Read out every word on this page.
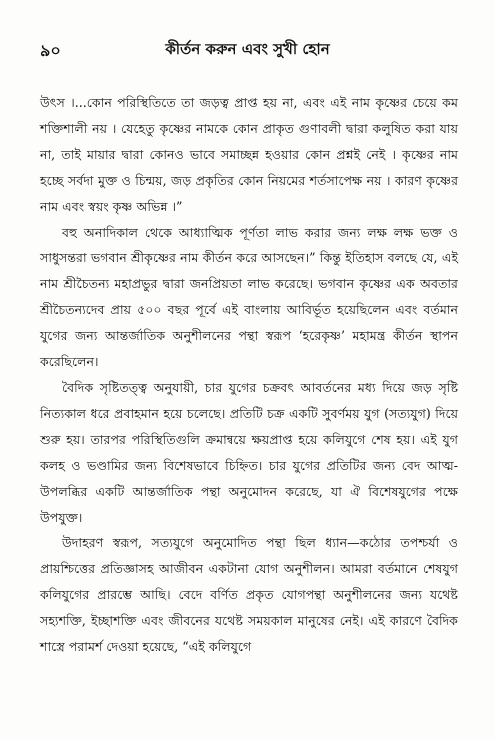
৯০	কীর্তন করুন এবং সুখী হোন

উৎস ।...কোন পরিস্থিতিতে তা জড়ত্ব প্রাপ্ত হয় না, এবং এই নাম কৃষ্ণের চেয়ে কম শক্তিশালী নয় । যেহেতু কৃষ্ণের নামকে কোন প্রাকৃত গুণাবলী দ্বারা কলুষিত করা যায় না, তাই মায়ার দ্বারা কোনও ভাবে সমাচ্ছন্ন হওয়ার কোন প্রশ্নই নেই । কৃষ্ণের নাম হচ্ছে সর্বদা মুক্ত ও চিন্ময়, জড় প্রকৃতির কোন নিয়মের শর্তসাপেক্ষ নয় । কারণ কৃষ্ণের নাম এবং স্বয়ং কৃষ্ণ অভিন্ন ।”

বহু অনাদিকাল থেকে আধ্যাত্মিক পূর্ণতা লাভ করার জন্য লক্ষ লক্ষ ভক্ত ও সাধুসন্তরা ভগবান শ্রীকৃষ্ণের নাম কীর্তন করে আসছেন।” কিন্তু ইতিহাস বলছে যে, এই নাম শ্রীচৈতন্য মহাপ্রভুর দ্বারা জনপ্রিয়তা লাভ করেছে। ভগবান কৃষ্ণের এক অবতার শ্রীচৈতন্যদেব প্রায় ৫০০ বছর পূর্বে এই বাংলায় আবির্ভূত হয়েছিলেন এবং বর্তমান যুগের জন্য আন্তর্জাতিক অনুশীলনের পন্থা স্বরূপ ‘হরেকৃষ্ণ’ মহামন্ত্র কীর্তন স্থাপন করেছিলেন।

বৈদিক সৃষ্টিতত্ত্ব অনুযায়ী, চার যুগের চক্রবৎ আবর্তনের মধ্য দিয়ে জড় সৃষ্টি নিত্যকাল ধরে প্রবাহমান হয়ে চলেছে। প্রতিটি চক্র একটি সুবর্ণময় যুগ (সত্যযুগ) দিয়ে শুরু হয়। তারপর পরিস্থিতিগুলি ক্রমান্বয়ে ক্ষয়প্রাপ্ত হয়ে কলিযুগে শেষ হয়। এই যুগ কলহ ও ভণ্ডামির জন্য বিশেষভাবে চিহ্নিত। চার যুগের প্রতিটির জন্য বেদ আত্ম-উপলব্ধির একটি আন্তর্জাতিক পন্থা অনুমোদন করেছে, যা ঐ বিশেষযুগের পক্ষে উপযুক্ত।

উদাহরণ স্বরূপ, সত্যযুগে অনুমোদিত পন্থা ছিল ধ্যান—কঠোর তপশ্চর্যা ও প্রায়শ্চিত্তের প্রতিজ্ঞাসহ আজীবন একটানা যোগ অনুশীলন। আমরা বর্তমানে শেষযুগ কলিযুগের প্রারম্ভে আছি। বেদে বর্ণিত প্রকৃত যোগপন্থা অনুশীলনের জন্য যথেষ্ট সহ্যশক্তি, ইচ্ছাশক্তি এবং জীবনের যথেষ্ট সময়কাল মানুষের নেই। এই কারণে বৈদিক শাস্ত্রে পরামর্শ দেওয়া হয়েছে, “এই কলিযুগে
